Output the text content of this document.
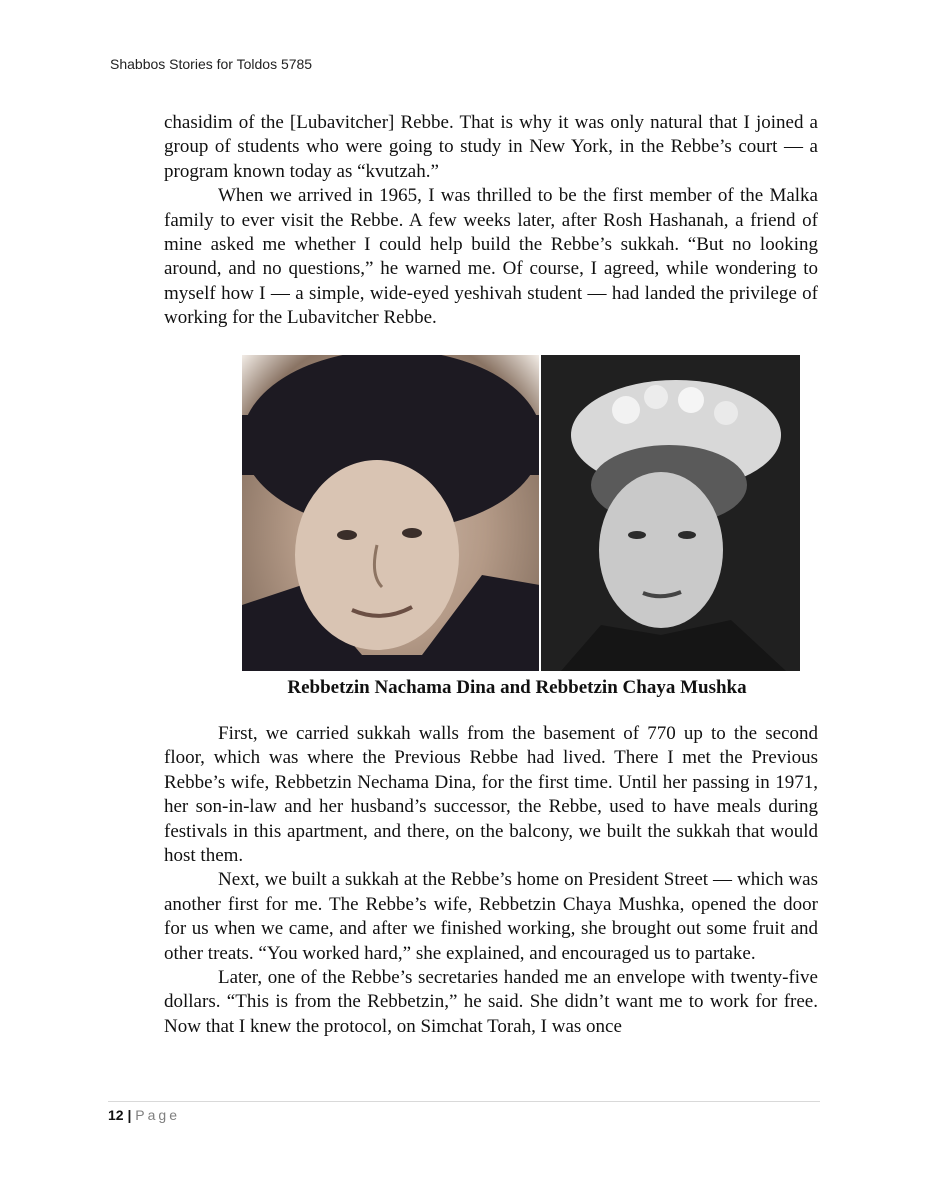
Shabbos Stories for Toldos 5785

chasidim of the [Lubavitcher] Rebbe. That is why it was only natural that I joined a group of students who were going to study in New York, in the Rebbe’s court — a program known today as “kvutzah.”

When we arrived in 1965, I was thrilled to be the first member of the Malka family to ever visit the Rebbe. A few weeks later, after Rosh Hashanah, a friend of mine asked me whether I could help build the Rebbe’s sukkah. “But no looking around, and no questions,” he warned me. Of course, I agreed, while wondering to myself how I — a simple, wide-eyed yeshivah student — had landed the privilege of working for the Lubavitcher Rebbe.

Rebbetzin Nachama Dina and Rebbetzin Chaya Mushka

First, we carried sukkah walls from the basement of 770 up to the second floor, which was where the Previous Rebbe had lived. There I met the Previous Rebbe’s wife, Rebbetzin Nechama Dina, for the first time. Until her passing in 1971, her son-in-law and her husband’s successor, the Rebbe, used to have meals during festivals in this apartment, and there, on the balcony, we built the sukkah that would host them.

Next, we built a sukkah at the Rebbe’s home on President Street — which was another first for me. The Rebbe’s wife, Rebbetzin Chaya Mushka, opened the door for us when we came, and after we finished working, she brought out some fruit and other treats. “You worked hard,” she explained, and encouraged us to partake.

Later, one of the Rebbe’s secretaries handed me an envelope with twenty-five dollars. “This is from the Rebbetzin,” he said. She didn’t want me to work for free. Now that I knew the protocol, on Simchat Torah, I was once

12 | Page
